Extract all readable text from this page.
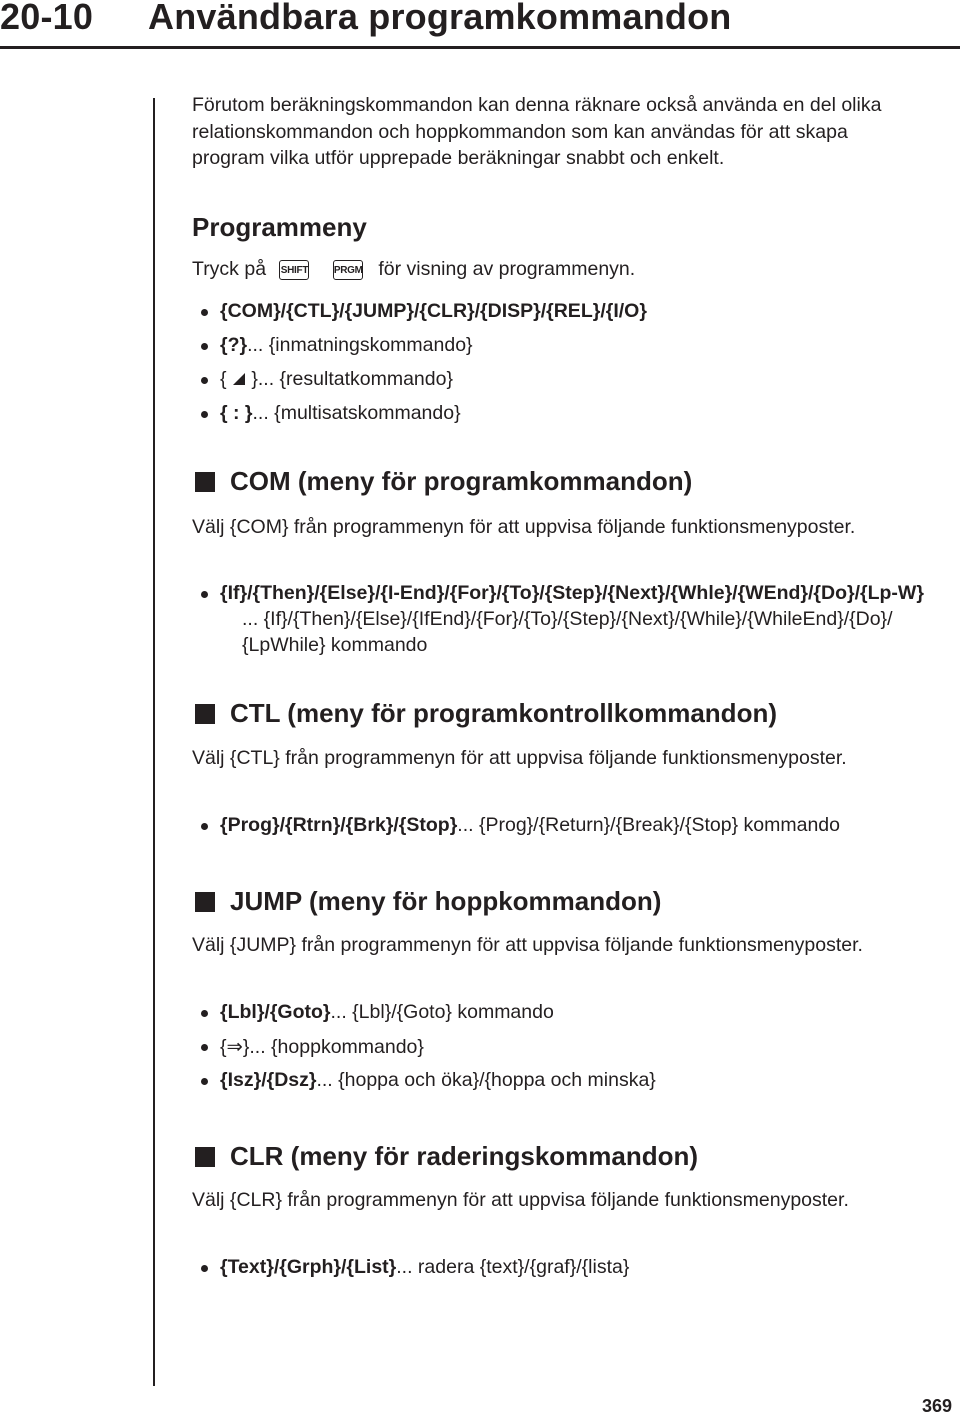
20-10 Användbara programkommandon

Förutom beräkningskommandon kan denna räknare också använda en del olika
relationskommandon och hoppkommandon som kan användas för att skapa
program vilka utför upprepade beräkningar snabbt och enkelt.

Programmeny
Tryck på SHIFT	PRGM för visning av programmenyn.
{COM}/{CTL}/{JUMP}/{CLR}/{DISP}/{REL}/{I/O}
{?}... {inmatningskommando}
{ }... {resultatkommando}
{ : }... {multisatskommando}
COM (meny för programkommandon)
Välj {COM} från programmenyn för att uppvisa följande funktionsmenyposter.
{If}/{Then}/{Else}/{I-End}/{For}/{To}/{Step}/{Next}/{Whle}/{WEnd}/{Do}/{Lp-W}
... {If}/{Then}/{Else}/{IfEnd}/{For}/{To}/{Step}/{Next}/{While}/{WhileEnd}/{Do}/
{LpWhile} kommando
CTL (meny för programkontrollkommandon)
Välj {CTL} från programmenyn för att uppvisa följande funktionsmenyposter.
{Prog}/{Rtrn}/{Brk}/{Stop}... {Prog}/{Return}/{Break}/{Stop} kommando
JUMP (meny för hoppkommandon)
Välj {JUMP} från programmenyn för att uppvisa följande funktionsmenyposter.
{Lbl}/{Goto}... {Lbl}/{Goto} kommando
{⇒}... {hoppkommando}
{Isz}/{Dsz}... {hoppa och öka}/{hoppa och minska}
CLR (meny för raderingskommandon)
Välj {CLR} från programmenyn för att uppvisa följande funktionsmenyposter.
{Text}/{Grph}/{List}... radera {text}/{graf}/{lista}
369
